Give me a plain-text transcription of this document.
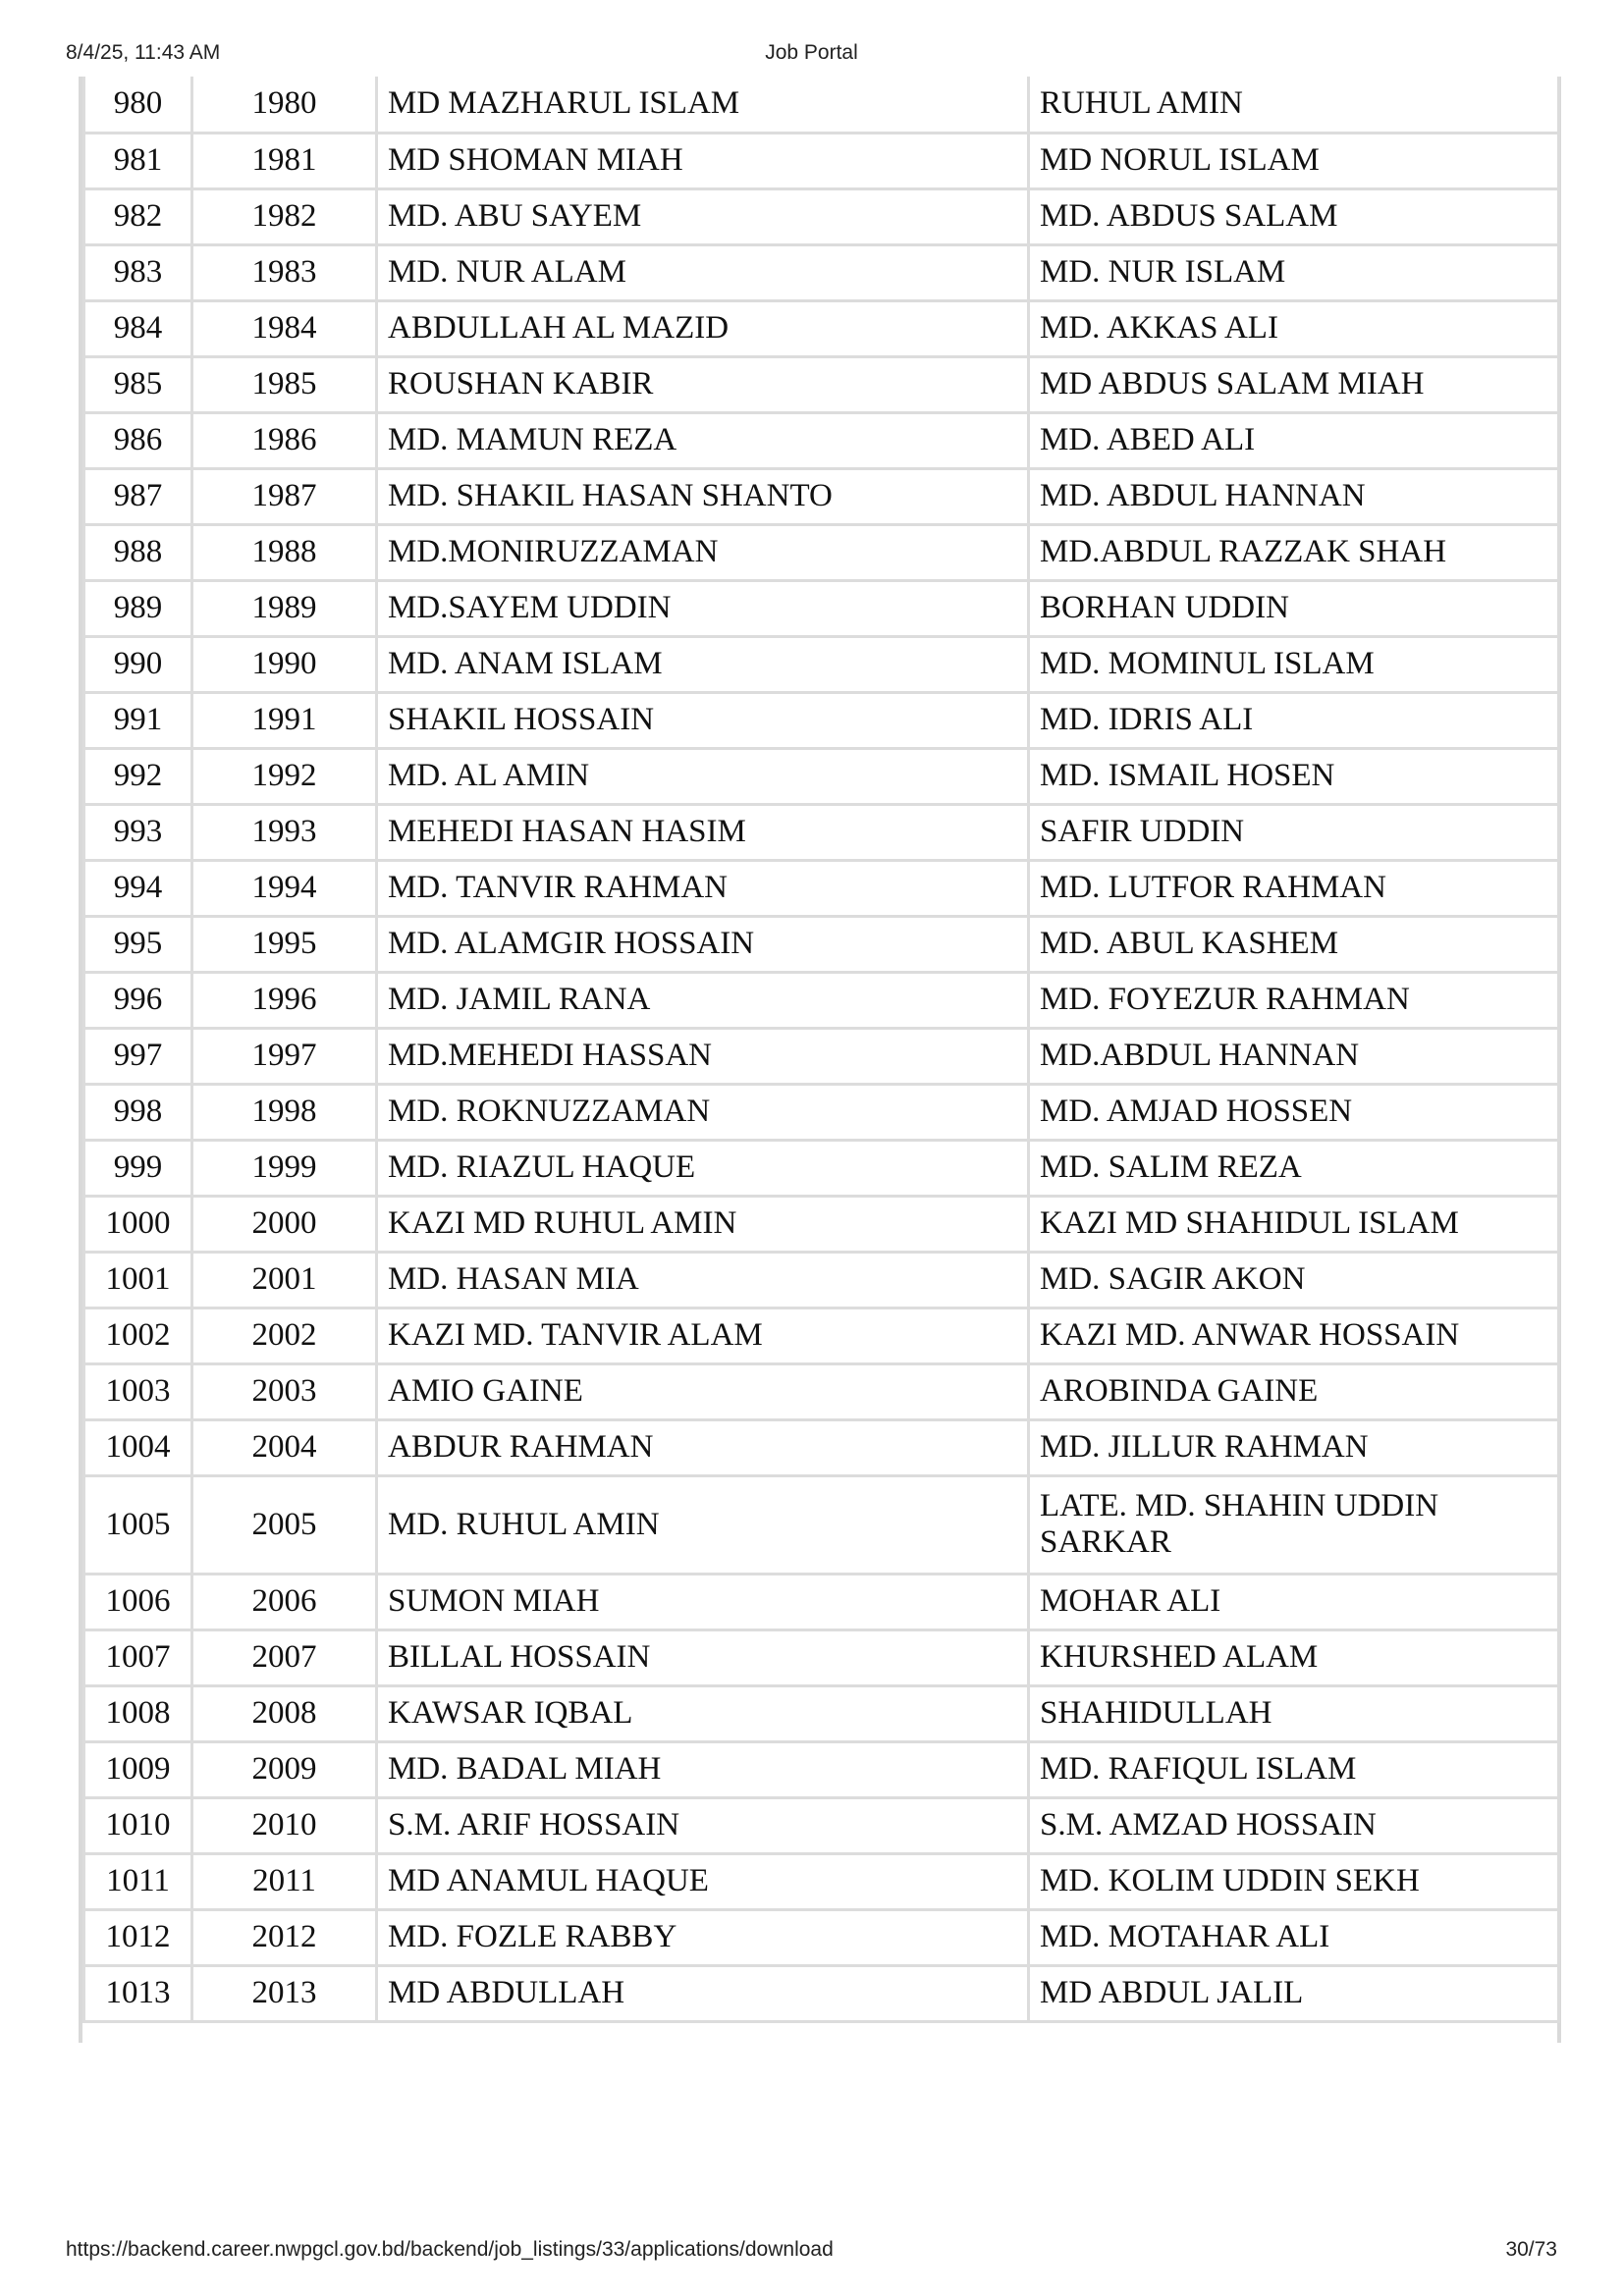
8/4/25, 11:43 AM	Job Portal
980	1980	MD MAZHARUL ISLAM	RUHUL AMIN
981	1981	MD SHOMAN MIAH	MD NORUL ISLAM
982	1982	MD. ABU SAYEM	MD. ABDUS SALAM
983	1983	MD. NUR ALAM	MD. NUR ISLAM
984	1984	ABDULLAH AL MAZID	MD. AKKAS ALI
985	1985	ROUSHAN KABIR	MD ABDUS SALAM MIAH
986	1986	MD. MAMUN REZA	MD. ABED ALI
987	1987	MD. SHAKIL HASAN SHANTO	MD. ABDUL HANNAN
988	1988	MD.MONIRUZZAMAN	MD.ABDUL RAZZAK SHAH
989	1989	MD.SAYEM UDDIN	BORHAN UDDIN
990	1990	MD. ANAM ISLAM	MD. MOMINUL ISLAM
991	1991	SHAKIL HOSSAIN	MD. IDRIS ALI
992	1992	MD. AL AMIN	MD. ISMAIL HOSEN
993	1993	MEHEDI HASAN HASIM	SAFIR UDDIN
994	1994	MD. TANVIR RAHMAN	MD. LUTFOR RAHMAN
995	1995	MD. ALAMGIR HOSSAIN	MD. ABUL KASHEM
996	1996	MD. JAMIL RANA	MD. FOYEZUR RAHMAN
997	1997	MD.MEHEDI HASSAN	MD.ABDUL HANNAN
998	1998	MD. ROKNUZZAMAN	MD. AMJAD HOSSEN
999	1999	MD. RIAZUL HAQUE	MD. SALIM REZA
1000	2000	KAZI MD RUHUL AMIN	KAZI MD SHAHIDUL ISLAM
1001	2001	MD. HASAN MIA	MD. SAGIR AKON
1002	2002	KAZI MD. TANVIR ALAM	KAZI MD. ANWAR HOSSAIN
1003	2003	AMIO GAINE	AROBINDA GAINE
1004	2004	ABDUR RAHMAN	MD. JILLUR RAHMAN
1005	2005	MD. RUHUL AMIN	LATE. MD. SHAHIN UDDIN SARKAR
1006	2006	SUMON MIAH	MOHAR ALI
1007	2007	BILLAL HOSSAIN	KHURSHED ALAM
1008	2008	KAWSAR IQBAL	SHAHIDULLAH
1009	2009	MD. BADAL MIAH	MD. RAFIQUL ISLAM
1010	2010	S.M. ARIF HOSSAIN	S.M. AMZAD HOSSAIN
1011	2011	MD ANAMUL HAQUE	MD. KOLIM UDDIN SEKH
1012	2012	MD. FOZLE RABBY	MD. MOTAHAR ALI
1013	2013	MD ABDULLAH	MD ABDUL JALIL
https://backend.career.nwpgcl.gov.bd/backend/job_listings/33/applications/download	30/73
